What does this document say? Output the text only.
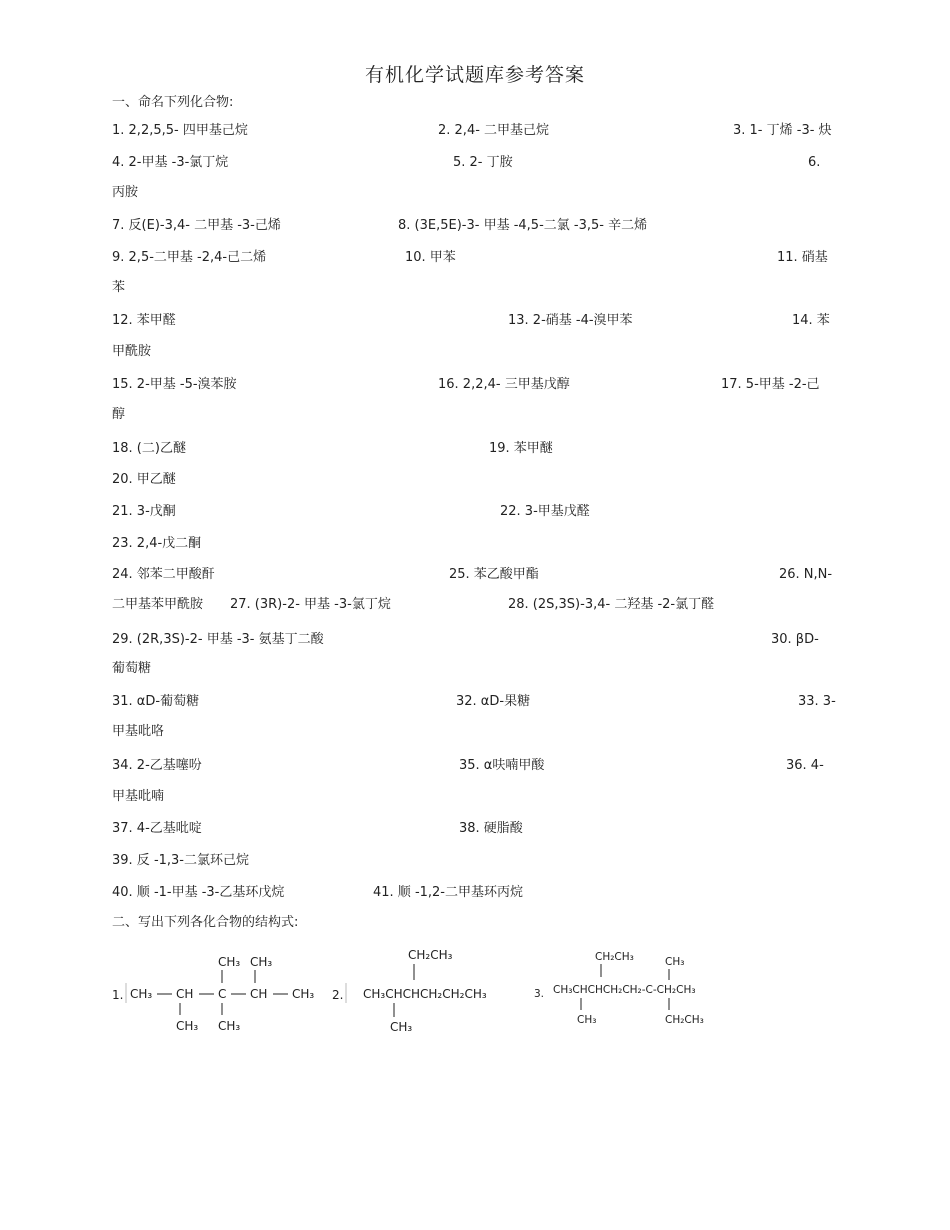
有机化学试题库参考答案
一、命名下列化合物:
1. 2,2,5,5- 四甲基己烷	2. 2,4- 二甲基己烷	3. 1- 丁烯 -3- 炔
4. 2-甲基 -3-氯丁烷	5. 2- 丁胺	6.
丙胺
7. 反(E)-3,4- 二甲基 -3-己烯	8. (3E,5E)-3- 甲基 -4,5-二氯 -3,5- 辛二烯
9. 2,5-二甲基 -2,4-己二烯	10. 甲苯	11. 硝基
苯
12. 苯甲醛	13. 2-硝基 -4-溴甲苯	14. 苯
甲酰胺
15. 2-甲基 -5-溴苯胺	16. 2,2,4- 三甲基戊醇	17. 5-甲基 -2-己
醇
18. (二)乙醚	19. 苯甲醚
20. 甲乙醚
21. 3-戊酮	22. 3-甲基戊醛
23. 2,4-戊二酮
24. 邻苯二甲酸酐	25. 苯乙酸甲酯	26. N,N-
二甲基苯甲酰胺 27. (3R)-2- 甲基 -3-氯丁烷	28. (2S,3S)-3,4- 二羟基 -2-氯丁醛
29. (2R,3S)-2- 甲基 -3- 氨基丁二酸	30. βD-
葡萄糖
31. αD-葡萄糖	32. αD-果糖	33. 3-
甲基吡咯
34. 2-乙基噻吩	35. α呋喃甲酸	36. 4-
甲基吡喃
37. 4-乙基吡啶	38. 硬脂酸
39. 反 -1,3-二氯环己烷
40. 顺 -1-甲基 -3-乙基环戊烷	41. 顺 -1,2-二甲基环丙烷
二、写出下列各化合物的结构式:
1.
CH₃ CH₃
CH₃ CH C CH CH₃
CH₃ CH₃
2.
CH₂CH₃
CH₃CHCHCH₂CH₂CH₃
CH₃
3.
CH₂CH₃	CH₃
CH₃CHCHCH₂CH₂-C-CH₂CH₃
CH₃	CH₂CH₃
